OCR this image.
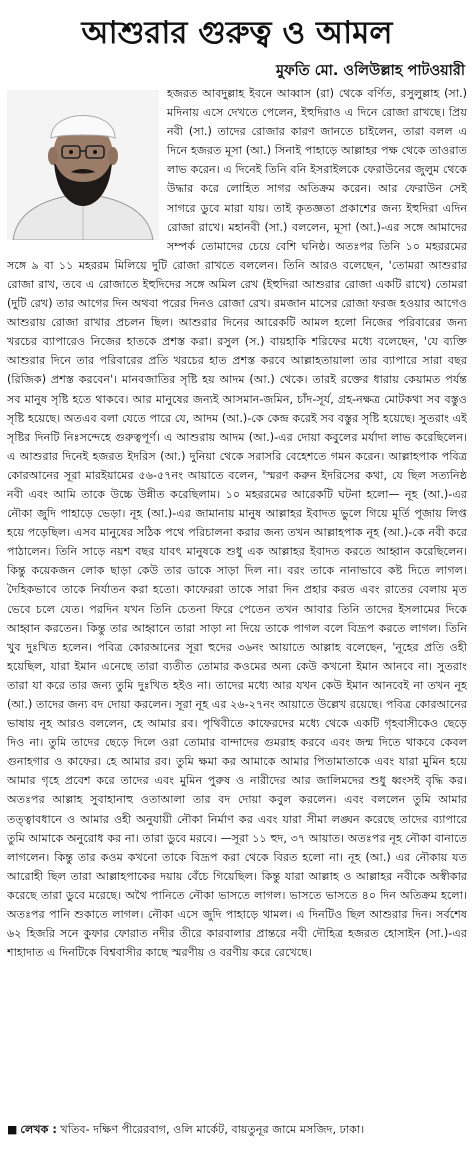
আশুরার গুরুত্ব ও আমল
মুফতি মো. ওলিউল্লাহ পাটওয়ারী

হজরত আবদুল্লাহ ইবনে আব্বাস (রা) থেকে বর্ণিত, রসুলুল্লাহ (সা.) মদিনায় এসে দেখতে পেলেন, ইহুদিরাও এ দিনে রোজা রাখছে। প্রিয় নবী (সা.) তাদের রোজার কারণ জানতে চাইলেন, তারা বলল এ দিনে হজরত মূসা (আ.) সিনাই পাহাড়ে আল্লাহর পক্ষ থেকে তাওরাত লাভ করেন। এ দিনেই তিনি বনি ইসরাইলকে ফেরাউনের জুলুম থেকে উদ্ধার করে লোহিত সাগর অতিক্রম করেন। আর ফেরাউন সেই সাগরে ডুবে মারা যায়। তাই কৃতজ্ঞতা প্রকাশের জন্য ইহুদিরা এদিন রোজা রাখে। মহানবী (সা.) বললেন, মূসা (আ.)-এর সঙ্গে আমাদের সম্পর্ক তোমাদের চেয়ে বেশি ঘনিষ্ঠ। অতঃপর তিনি ১০ মহররমের সঙ্গে ৯ বা ১১ মহররম মিলিয়ে দুটি রোজা রাখতে বললেন। তিনি আরও বলেছেন, 'তোমরা আশুরার রোজা রাখ, তবে এ রোজাতে ইহুদিদের সঙ্গে অমিল রেখ (ইহুদিরা আশুরার রোজা একটি রাখে) তোমরা (দুটি রেখ) তার আগের দিন অথবা পরের দিনও রোজা রেখ। রমজান মাসের রোজা ফরজ হওয়ার আগেও আশুরায় রোজা রাখার প্রচলন ছিল। আশুরার দিনের আরেকটি আমল হলো নিজের পরিবারের জন্য খরচের ব্যাপারেও নিজের হাতকে প্রশস্ত করা। রসুল (স.) বায়হাকি শরিফের মধ্যে বলেছেন, 'যে ব্যক্তি আশুরার দিনে তার পরিবারের প্রতি খরচের হাত প্রশস্ত করবে আল্লাহতায়ালা তার ব্যাপারে সারা বছর (রিজিক) প্রশস্ত করবেন'। মানবজাতির সৃষ্টি হয় আদম (আ.) থেকে। তারই রক্তের ধারায় কেয়ামত পর্যন্ত সব মানুষ সৃষ্টি হতে থাকবে। আর মানুষের জন্যই আসমান-জমিন, চাঁদ-সূর্য, গ্রহ-নক্ষত্র মোটকথা সব বস্তুও সৃষ্টি হয়েছে। অতএব বলা যেতে পারে যে, আদম (আ.)-কে কেন্দ্র করেই সব বস্তুর সৃষ্টি হয়েছে। সুতরাং এই সৃষ্টির দিনটি নিঃসন্দেহে গুরুত্বপূর্ণ। এ আশুরায় আদম (আ.)-এর দোয়া কবুলের মর্যাদা লাভ করেছিলেন। এ আশুরার দিনেই হজরত ইদরিস (আ.) দুনিয়া থেকে সরাসরি বেহেশতে গমন করেন। আল্লাহপাক পবিত্র কোরআনের সূরা মারইয়ামের ৫৬-৫৭নং আয়াতে বলেন, 'স্মরণ করুন ইদরিসের কথা, যে ছিল সত্যনিষ্ঠ নবী এবং আমি তাকে উচ্চে উন্নীত করেছিলাম। ১০ মহররমের আরেকটি ঘটনা হলো— নূহ (আ.)-এর নৌকা জুদি পাহাড়ে ভেড়া। নূহ (আ.)-এর জামানায় মানুষ আল্লাহর ইবাদত ভুলে গিয়ে মূর্তি পূজায় লিপ্ত হয়ে পড়েছিল। এসব মানুষের সঠিক পথে পরিচালনা করার জন্য তখন আল্লাহপাক নূহ (আ.)-কে নবী করে পাঠালেন। তিনি সাড়ে নয়শ বছর যাবৎ মানুষকে শুধু এক আল্লাহর ইবাদত করতে আহ্বান করেছিলেন। কিন্তু কয়েকজন লোক ছাড়া কেউ তার ডাকে সাড়া দিল না। বরং তাকে নানাভাবে কষ্ট দিতে লাগল। দৈহিকভাবে তাকে নির্যাতন করা হতো। কাফেররা তাকে সারা দিন প্রহার করত এবং রাতের বেলায় মৃত ভেবে চলে যেত। পরদিন যখন তিনি চেতনা ফিরে পেতেন তখন আবার তিনি তাদের ইসলামের দিকে আহ্বান করতেন। কিন্তু তার আহ্বানে তারা সাড়া না দিয়ে তাকে পাগল বলে বিদ্রূপ করতে লাগল। তিনি খুব দুঃখিত হলেন। পবিত্র কোরআনের সূরা হুদের ৩৬নং আয়াতে আল্লাহ বলেছেন, 'নূহের প্রতি ওহী হয়েছিল, যারা ইমান এনেছে তারা ব্যতীত তোমার কওমের অন্য কেউ কখনো ইমান আনবে না। সুতরাং তারা যা করে তার জন্য তুমি দুঃখিত হইও না। তাদের মধ্যে আর যখন কেউ ইমান আনবেই না তখন নূহ (আ.) তাদের জন্য বদ দোয়া করলেন। সূরা নূহ এর ২৬-২৭নং আয়াতে উল্লেখ রয়েছে। পবিত্র কোরআনের ভাষায় নূহ আরও বললেন, হে আমার রব। পৃথিবীতে কাফেরদের মধ্যে থেকে একটি গৃহবাসীকেও ছেড়ে দিও না। তুমি তাদের ছেড়ে দিলে ওরা তোমার বান্দাদের গুমরাহ করবে এবং জন্ম দিতে থাকবে কেবল গুনাহগার ও কাফের। হে আমার রব। তুমি ক্ষমা কর আমাকে আমার পিতামাতাকে এবং যারা মুমিন হয়ে আমার গৃহে প্রবেশ করে তাদের এবং মুমিন পুরুষ ও নারীদের আর জালিমদের শুধু ধ্বংসই বৃদ্ধি কর। অতঃপর আল্লাহ সুবাহানাহু ওতাআলা তার বদ দোয়া কবুল করলেন। এবং বললেন তুমি আমার তত্ত্বাবধানে ও আমার ওহী অনুযায়ী নৌকা নির্মাণ কর এবং যারা সীমা লঙ্ঘন করেছে তাদের ব্যাপারে তুমি আমাকে অনুরোধ কর না। তারা ডুবে মরবে। —সূরা ১১ হুদ, ৩৭ আয়াত। অতঃপর নূহ নৌকা বানাতে লাগলেন। কিন্তু তার কওম কখনো তাকে বিদ্রূপ করা থেকে বিরত হলো না। নূহ (আ.) এর নৌকায় যত আরোহী ছিল তারা আল্লাহপাকের দয়ায় বেঁচে গিয়েছিল। কিন্তু যারা আল্লাহ ও আল্লাহর নবীকে অস্বীকার করেছে তারা ডুবে মরেছে। অথৈ পানিতে নৌকা ভাসতে লাগল। ভাসতে ভাসতে ৪০ দিন অতিক্রম হলো। অতঃপর পানি শুকাতে লাগল। নৌকা এসে জুদি পাহাড়ে থামল। এ দিনটিও ছিল আশুরার দিন। সর্বশেষ ৬২ হিজরি সনে কুফার ফোরাত নদীর তীরে কারবালার প্রান্তরে নবী দৌহিত্র হজরত হোসাইন (সা.)-এর শাহাদাত এ দিনটিকে বিশ্ববাসীর কাছে স্মরণীয় ও বরণীয় করে রেখেছে।

■ লেখক : খতিব- দক্ষিণ পীরেরবাগ, ওলি মার্কেট, বায়তুনূর জামে মসজিদ, ঢাকা।
